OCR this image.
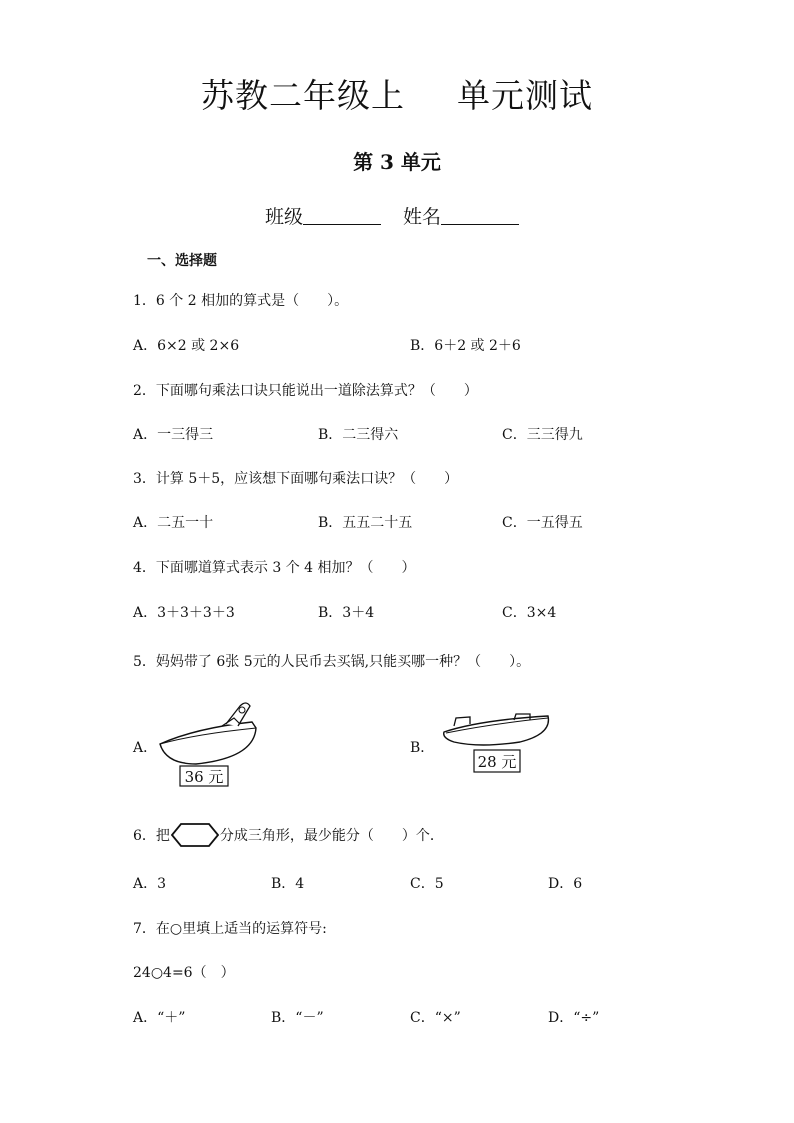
苏教二年级上 单元测试
第 3 单元
班级	姓名
一、选择题
1．6 个 2 相加的算式是（　　）。
A．6×2 或 2×6	B．6＋2 或 2＋6
2．下面哪句乘法口诀只能说出一道除法算式？（　　）
A．一三得三	B．二三得六	C．三三得九
3．计算 5＋5，应该想下面哪句乘法口诀？（　　）
A．二五一十	B．五五二十五	C．一五得五
4．下面哪道算式表示 3 个 4 相加？（　　）
A．3＋3＋3＋3	B．3＋4	C．3×4
5．妈妈带了 6张 5元的人民币去买锅,只能买哪一种？（　　）。
A．
36 元
B．
28 元
6．把	分成三角形，最少能分（　　）个．
A．3	B．4	C．5	D．6
7．在○里填上适当的运算符号:
24○4=6（　）
A．“＋”	B．“－”	C．“×”	D．“÷”
